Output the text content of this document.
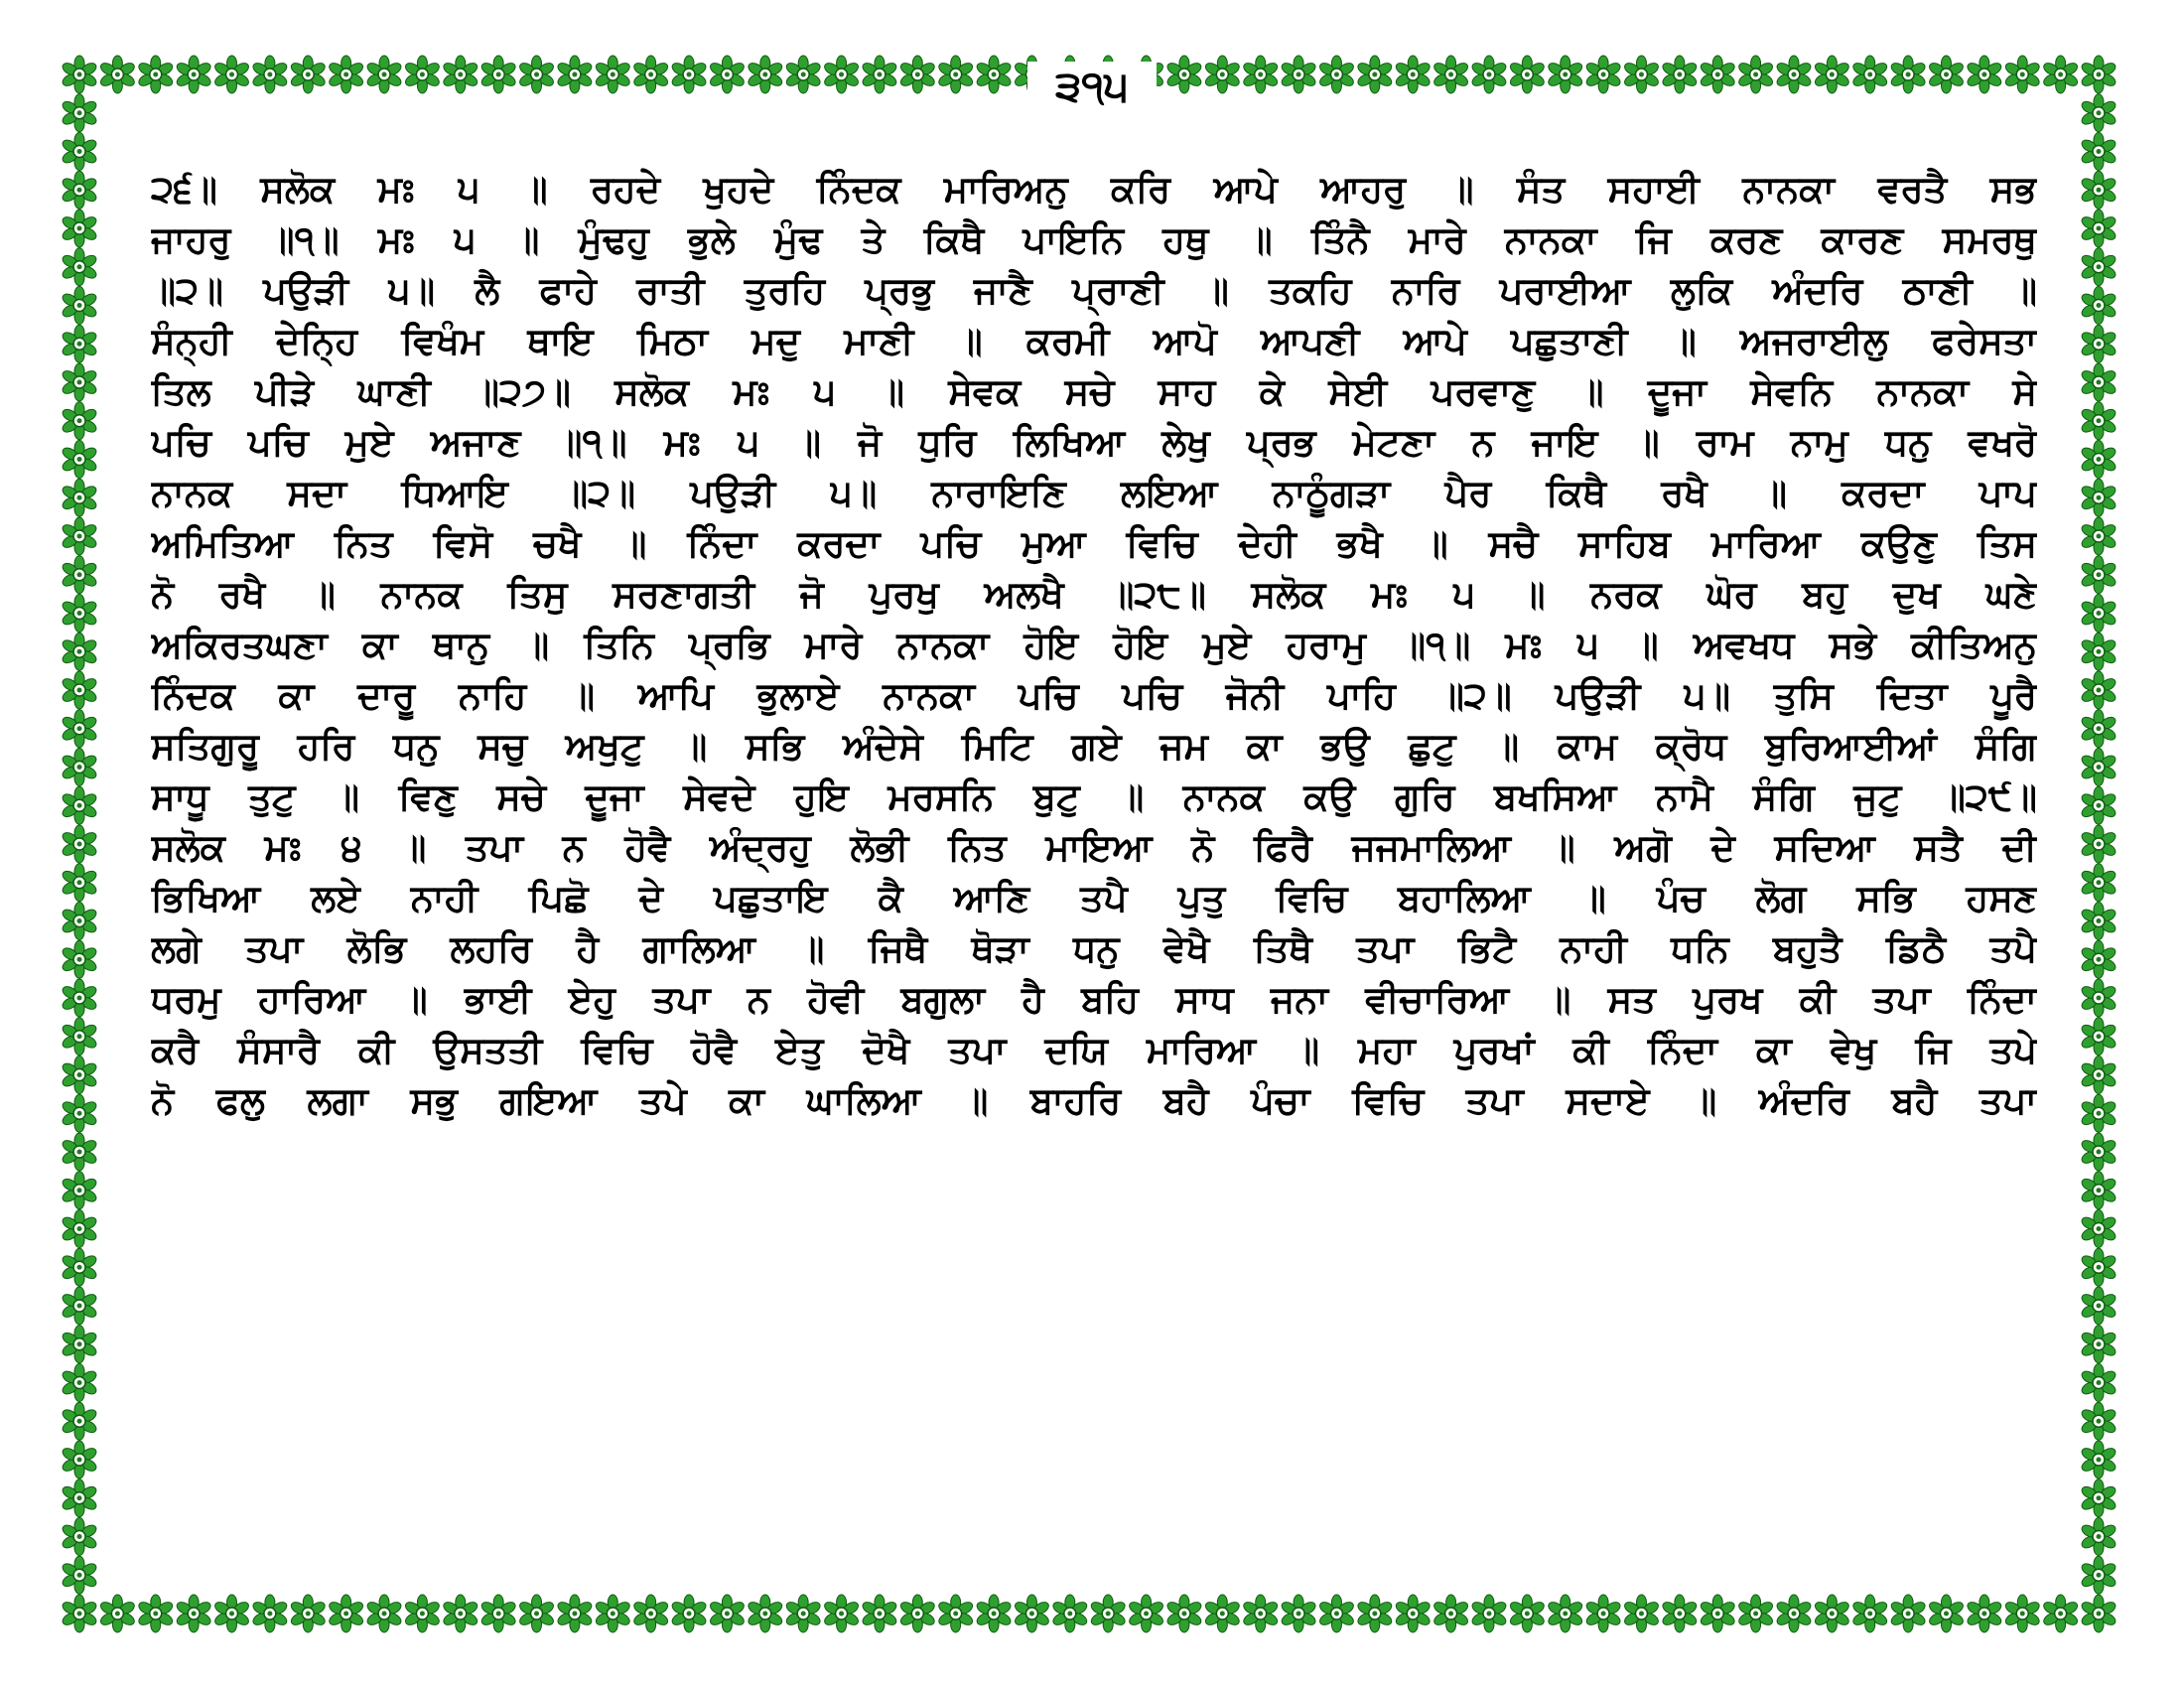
੩੧੫
੨੬॥ ਸਲੋਕ ਮਃ ੫ ॥ ਰਹਦੇ ਖੁਹਦੇ ਨਿੰਦਕ ਮਾਰਿਅਨੁ ਕਰਿ ਆਪੇ ਆਹਰੁ ॥ ਸੰਤ ਸਹਾਈ ਨਾਨਕਾ ਵਰਤੈ ਸਭ
ਜਾਹਰੁ ॥੧॥ ਮਃ ੫ ॥ ਮੁੰਢਹੁ ਭੁਲੇ ਮੁੰਢ ਤੇ ਕਿਥੈ ਪਾਇਨਿ ਹਥੁ ॥ ਤਿੰਨੈ ਮਾਰੇ ਨਾਨਕਾ ਜਿ ਕਰਣ ਕਾਰਣ ਸਮਰਥੁ
॥੨॥ ਪਉੜੀ ੫॥ ਲੈ ਫਾਹੇ ਰਾਤੀ ਤੁਰਹਿ ਪ੍ਰਭੁ ਜਾਣੈ ਪ੍ਰਾਣੀ ॥ ਤਕਹਿ ਨਾਰਿ ਪਰਾਈਆ ਲੁਕਿ ਅੰਦਰਿ ਠਾਣੀ ॥
ਸੰਨ੍ਹੀ ਦੇਨ੍ਹਿ ਵਿਖੰਮ ਥਾਇ ਮਿਠਾ ਮਦੁ ਮਾਣੀ ॥ ਕਰਮੀ ਆਪੋ ਆਪਣੀ ਆਪੇ ਪਛੁਤਾਣੀ ॥ ਅਜਰਾਈਲੁ ਫਰੇਸਤਾ
ਤਿਲ ਪੀੜੇ ਘਾਣੀ ॥੨੭॥ ਸਲੋਕ ਮਃ ੫ ॥ ਸੇਵਕ ਸਚੇ ਸਾਹ ਕੇ ਸੇਈ ਪਰਵਾਣੁ ॥ ਦੂਜਾ ਸੇਵਨਿ ਨਾਨਕਾ ਸੇ
ਪਚਿ ਪਚਿ ਮੁਏ ਅਜਾਣ ॥੧॥ ਮਃ ੫ ॥ ਜੋ ਧੁਰਿ ਲਿਖਿਆ ਲੇਖੁ ਪ੍ਰਭ ਮੇਟਣਾ ਨ ਜਾਇ ॥ ਰਾਮ ਨਾਮੁ ਧਨੁ ਵਖਰੋ
ਨਾਨਕ ਸਦਾ ਧਿਆਇ ॥੨॥ ਪਉੜੀ ੫॥ ਨਾਰਾਇਣਿ ਲਇਆ ਨਾਠੂੰਗੜਾ ਪੈਰ ਕਿਥੈ ਰਖੈ ॥ ਕਰਦਾ ਪਾਪ
ਅਮਿਤਿਆ ਨਿਤ ਵਿਸੋ ਚਖੈ ॥ ਨਿੰਦਾ ਕਰਦਾ ਪਚਿ ਮੁਆ ਵਿਚਿ ਦੇਹੀ ਭਖੈ ॥ ਸਚੈ ਸਾਹਿਬ ਮਾਰਿਆ ਕਉਣੁ ਤਿਸ
ਨੋ ਰਖੈ ॥ ਨਾਨਕ ਤਿਸੁ ਸਰਣਾਗਤੀ ਜੋ ਪੁਰਖੁ ਅਲਖੈ ॥੨੮॥ ਸਲੋਕ ਮਃ ੫ ॥ ਨਰਕ ਘੋਰ ਬਹੁ ਦੁਖ ਘਣੇ
ਅਕਿਰਤਘਣਾ ਕਾ ਥਾਨੁ ॥ ਤਿਨਿ ਪ੍ਰਭਿ ਮਾਰੇ ਨਾਨਕਾ ਹੋਇ ਹੋਇ ਮੁਏ ਹਰਾਮੁ ॥੧॥ ਮਃ ੫ ॥ ਅਵਖਧ ਸਭੇ ਕੀਤਿਅਨੁ
ਨਿੰਦਕ ਕਾ ਦਾਰੂ ਨਾਹਿ ॥ ਆਪਿ ਭੁਲਾਏ ਨਾਨਕਾ ਪਚਿ ਪਚਿ ਜੋਨੀ ਪਾਹਿ ॥੨॥ ਪਉੜੀ ੫॥ ਤੁਸਿ ਦਿਤਾ ਪੂਰੈ
ਸਤਿਗੁਰੂ ਹਰਿ ਧਨੁ ਸਚੁ ਅਖੁਟੁ ॥ ਸਭਿ ਅੰਦੇਸੇ ਮਿਟਿ ਗਏ ਜਮ ਕਾ ਭਉ ਛੁਟੁ ॥ ਕਾਮ ਕ੍ਰੋਧ ਬੁਰਿਆਈਆਂ ਸੰਗਿ
ਸਾਧੂ ਤੁਟੁ ॥ ਵਿਣੁ ਸਚੇ ਦੂਜਾ ਸੇਵਦੇ ਹੁਇ ਮਰਸਨਿ ਬੁਟੁ ॥ ਨਾਨਕ ਕਉ ਗੁਰਿ ਬਖਸਿਆ ਨਾਮੈ ਸੰਗਿ ਜੁਟੁ ॥੨੯॥
ਸਲੋਕ ਮਃ ੪ ॥ ਤਪਾ ਨ ਹੋਵੈ ਅੰਦ੍ਰਹੁ ਲੋਭੀ ਨਿਤ ਮਾਇਆ ਨੋ ਫਿਰੈ ਜਜਮਾਲਿਆ ॥ ਅਗੋ ਦੇ ਸਦਿਆ ਸਤੈ ਦੀ
ਭਿਖਿਆ ਲਏ ਨਾਹੀ ਪਿਛੋ ਦੇ ਪਛੁਤਾਇ ਕੈ ਆਣਿ ਤਪੈ ਪੁਤੁ ਵਿਚਿ ਬਹਾਲਿਆ ॥ ਪੰਚ ਲੋਗ ਸਭਿ ਹਸਣ
ਲਗੇ ਤਪਾ ਲੋਭਿ ਲਹਰਿ ਹੈ ਗਾਲਿਆ ॥ ਜਿਥੈ ਥੋੜਾ ਧਨੁ ਵੇਖੈ ਤਿਥੈ ਤਪਾ ਭਿਟੈ ਨਾਹੀ ਧਨਿ ਬਹੁਤੈ ਡਿਠੈ ਤਪੈ
ਧਰਮੁ ਹਾਰਿਆ ॥ ਭਾਈ ਏਹੁ ਤਪਾ ਨ ਹੋਵੀ ਬਗੁਲਾ ਹੈ ਬਹਿ ਸਾਧ ਜਨਾ ਵੀਚਾਰਿਆ ॥ ਸਤ ਪੁਰਖ ਕੀ ਤਪਾ ਨਿੰਦਾ
ਕਰੈ ਸੰਸਾਰੈ ਕੀ ਉਸਤਤੀ ਵਿਚਿ ਹੋਵੈ ਏਤੁ ਦੋਖੈ ਤਪਾ ਦਯਿ ਮਾਰਿਆ ॥ ਮਹਾ ਪੁਰਖਾਂ ਕੀ ਨਿੰਦਾ ਕਾ ਵੇਖੁ ਜਿ ਤਪੇ
ਨੋ ਫਲੁ ਲਗਾ ਸਭੁ ਗਇਆ ਤਪੇ ਕਾ ਘਾਲਿਆ ॥ ਬਾਹਰਿ ਬਹੈ ਪੰਚਾ ਵਿਚਿ ਤਪਾ ਸਦਾਏ ॥ ਅੰਦਰਿ ਬਹੈ ਤਪਾ
